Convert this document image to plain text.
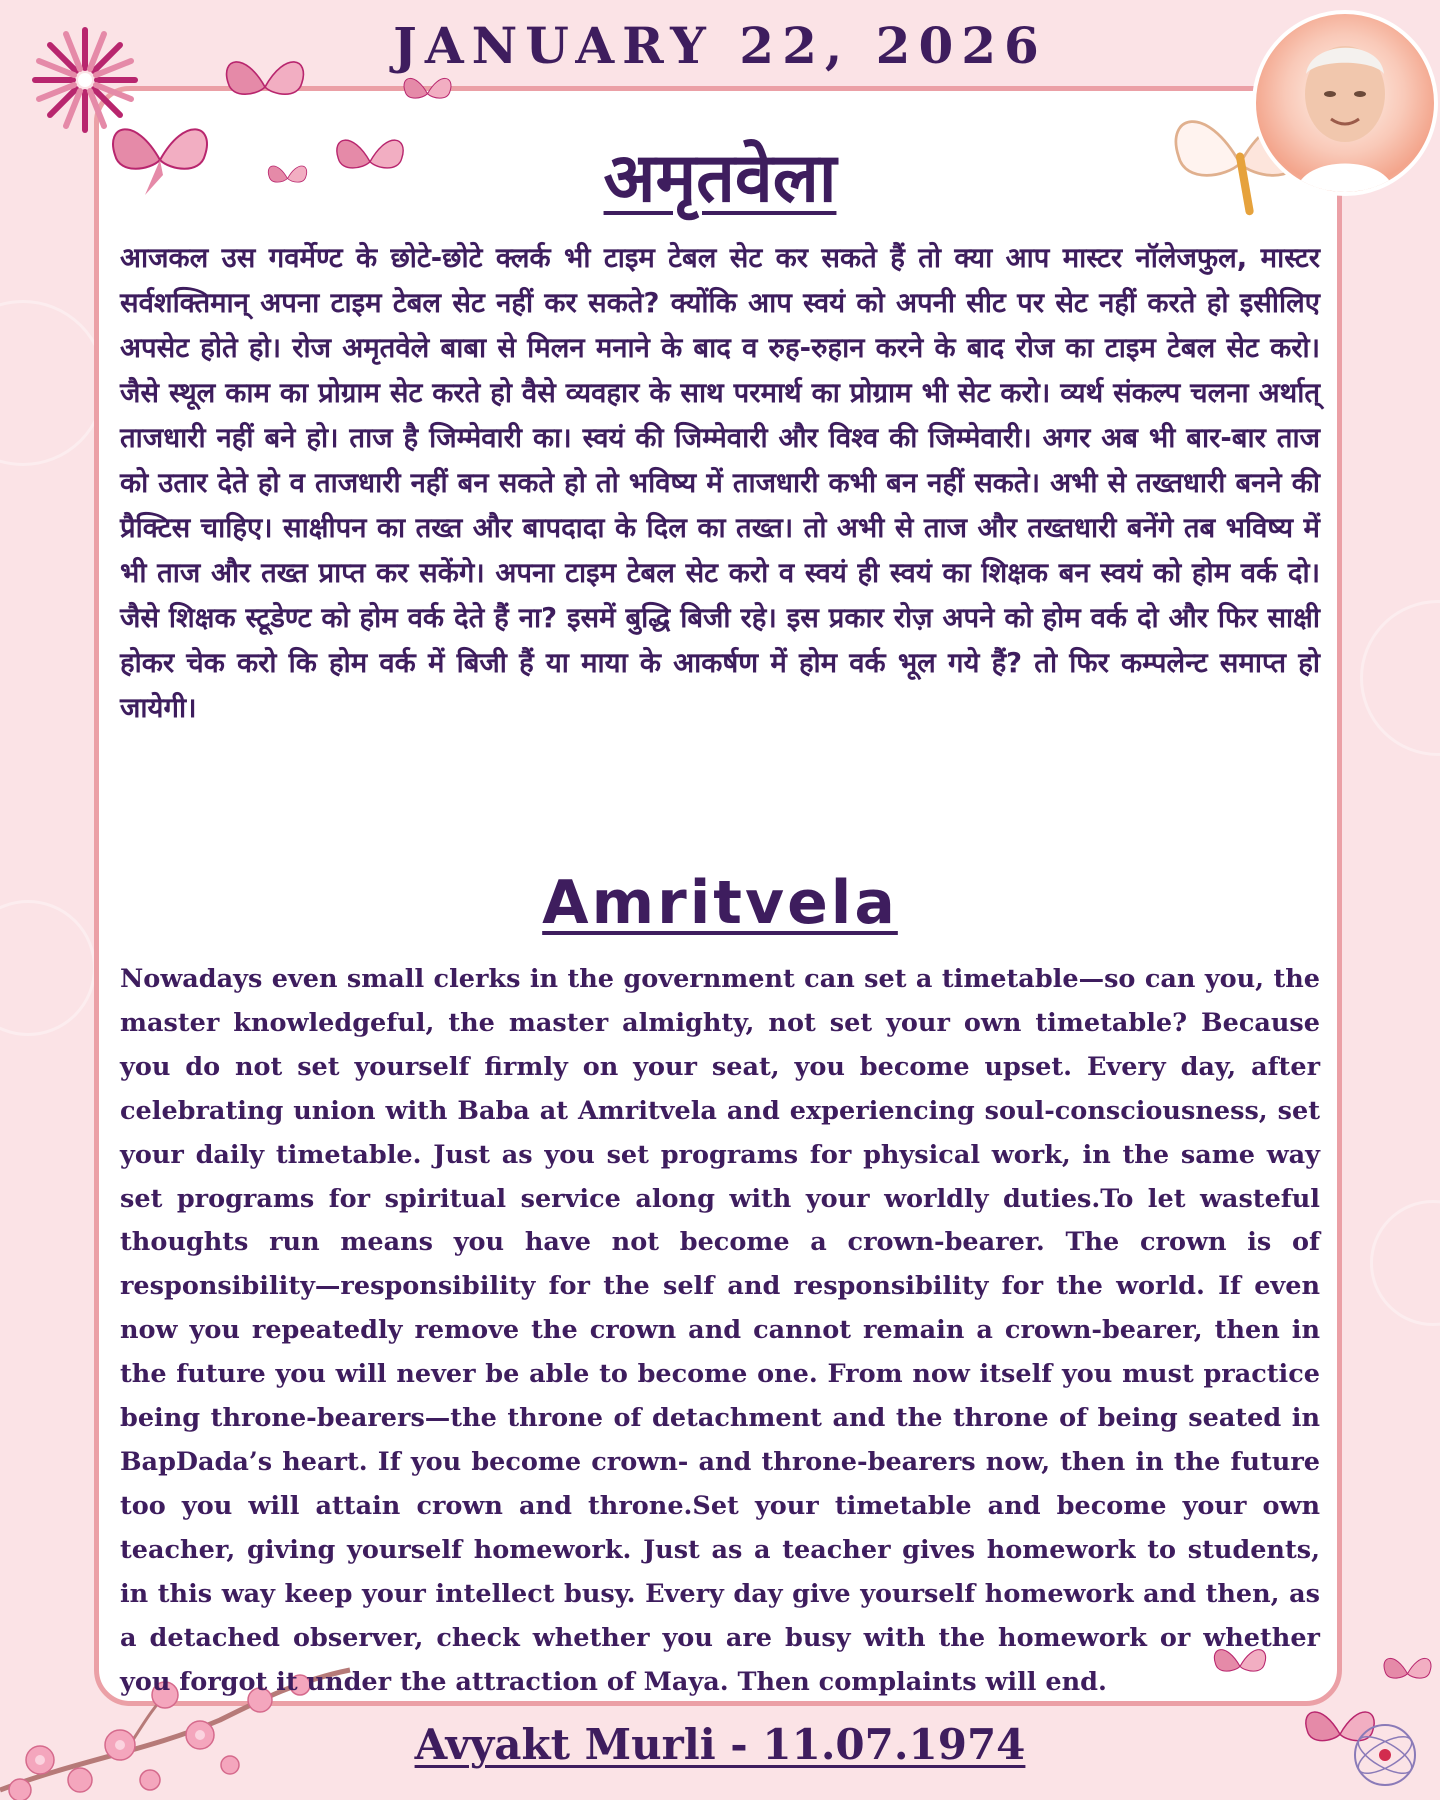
JANUARY 22, 2026
अमृतवेला
आजकल उस गवर्मेण्ट के छोटे-छोटे क्लर्क भी टाइम टेबल सेट कर सकते हैं तो क्या आप मास्टर नॉलेजफुल, मास्टर सर्वशक्तिमान् अपना टाइम टेबल सेट नहीं कर सकते? क्योंकि आप स्वयं को अपनी सीट पर सेट नहीं करते हो इसीलिए अपसेट होते हो। रोज अमृतवेले बाबा से मिलन मनाने के बाद व रुह-रुहान करने के बाद रोज का टाइम टेबल सेट करो। जैसे स्थूल काम का प्रोग्राम सेट करते हो वैसे व्यवहार के साथ परमार्थ का प्रोग्राम भी सेट करो। व्यर्थ संकल्प चलना अर्थात् ताजधारी नहीं बने हो। ताज है जिम्मेवारी का। स्वयं की जिम्मेवारी और विश्व की जिम्मेवारी। अगर अब भी बार-बार ताज को उतार देते हो व ताजधारी नहीं बन सकते हो तो भविष्य में ताजधारी कभी बन नहीं सकते। अभी से तख्तधारी बनने की प्रैक्टिस चाहिए। साक्षीपन का तख्त और बापदादा के दिल का तख्त। तो अभी से ताज और तख्तधारी बनेंगे तब भविष्य में भी ताज और तख्त प्राप्त कर सकेंगे। अपना टाइम टेबल सेट करो व स्वयं ही स्वयं का शिक्षक बन स्वयं को होम वर्क दो। जैसे शिक्षक स्टूडेण्ट को होम वर्क देते हैं ना? इसमें बुद्धि बिजी रहे। इस प्रकार रोज़ अपने को होम वर्क दो और फिर साक्षी होकर चेक करो कि होम वर्क में बिजी हैं या माया के आकर्षण में होम वर्क भूल गये हैं? तो फिर कम्पलेन्ट समाप्त हो जायेगी।
Amritvela
Nowadays even small clerks in the government can set a timetable—so can you, the master knowledgeful, the master almighty, not set your own timetable? Because you do not set yourself firmly on your seat, you become upset. Every day, after celebrating union with Baba at Amritvela and experiencing soul-consciousness, set your daily timetable. Just as you set programs for physical work, in the same way set programs for spiritual service along with your worldly duties.To let wasteful thoughts run means you have not become a crown-bearer. The crown is of responsibility—responsibility for the self and responsibility for the world. If even now you repeatedly remove the crown and cannot remain a crown-bearer, then in the future you will never be able to become one. From now itself you must practice being throne-bearers—the throne of detachment and the throne of being seated in BapDada’s heart. If you become crown- and throne-bearers now, then in the future too you will attain crown and throne.Set your timetable and become your own teacher, giving yourself homework. Just as a teacher gives homework to students, in this way keep your intellect busy. Every day give yourself homework and then, as a detached observer, check whether you are busy with the homework or whether you forgot it under the attraction of Maya. Then complaints will end.
Avyakt Murli - 11.07.1974
